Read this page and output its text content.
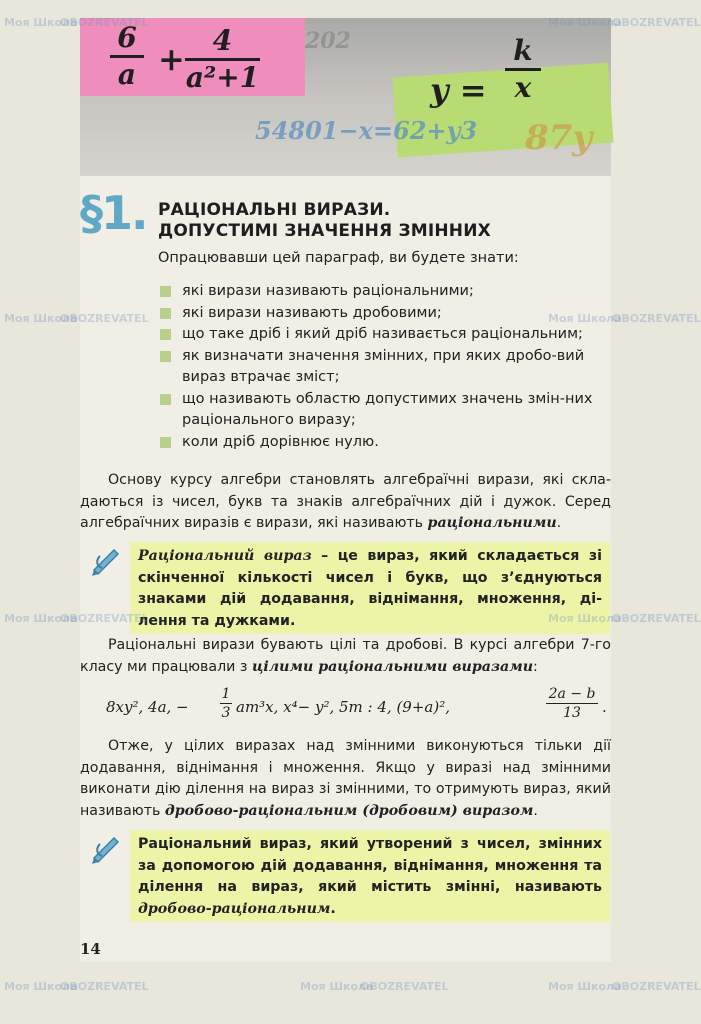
202
54801−x=62+y3 87y
6
a + 4
a²+1	y =
k
x
§1. РАЦІОНАЛЬНІ ВИРАЗИ.
ДОПУСТИМІ ЗНАЧЕННЯ ЗМІННИХ
Опрацювавши цей параграф, ви будете знати:
які вирази називають раціональними;
які вирази називають дробовими;
що таке дріб і який дріб називається раціональним;
як визначати значення змінних, при яких дробо-вий вираз втрачає зміст;
що називають областю допустимих значень змін-них раціонального виразу;
коли дріб дорівнює нулю.
Основу курсу алгебри становлять алгебраїчні вирази, які скла-даються із чисел, букв та знаків алгебраїчних дій і дужок. Серед алгебраїчних виразів є вирази, які називають раціональними.
Раціональний вираз – це вираз, який складається зі скінченної кількості чисел і букв, що з’єднуються знаками дій додавання, віднімання, множення, ді-лення та дужками.
Раціональні вирази бувають цілі та дробові. В курсі алгебри 7-го класу ми працювали з цілими раціональними виразами:
8xy², 4a, −
1
3 am³x, x⁴− y², 5m : 4, (9+a)²,
2a − b
13 .
Отже, у цілих виразах над змінними виконуються тільки дії додавання, віднімання і множення. Якщо у виразі над змінними виконати дію ділення на вираз зі змінними, то отримують вираз, який називають дробово-раціональним (дробовим) виразом.
Раціональний вираз, який утворений з чисел, змінних за допомогою дій додавання, віднімання, множення та ділення на вираз, який містить змінні, називають дробово-раціональним.
14
Моя Школа
OBOZREVATEL	Моя Школа
OBOZREVATEL
Моя Школа
OBOZREVATEL	Моя Школа
OBOZREVATEL
Моя Школа
OBOZREVATEL	Моя Школа
OBOZREVATEL
Моя Школа
OBOZREVATEL	Моя Школа
OBOZREVATEL	Моя Школа
OBOZREVATEL
